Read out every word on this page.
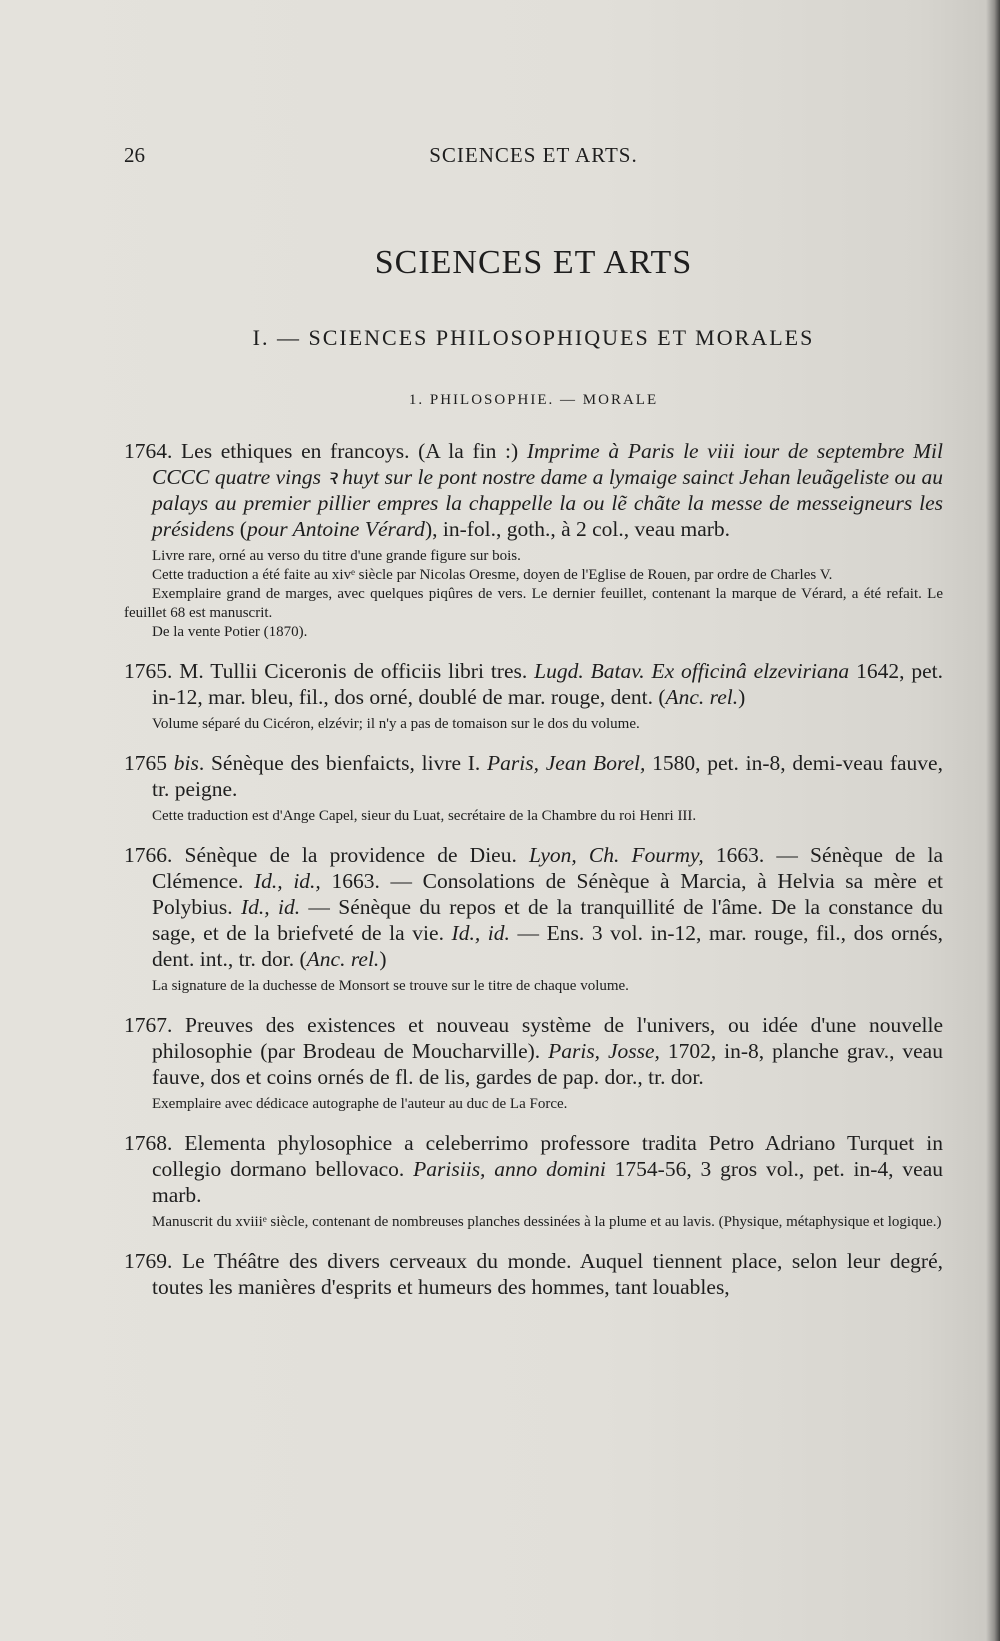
26	SCIENCES ET ARTS.
SCIENCES ET ARTS
I. — SCIENCES PHILOSOPHIQUES ET MORALES
1. PHILOSOPHIE. — MORALE
1764. Les ethiques en francoys. (A la fin :) Imprime à Paris le viii iour de septembre Mil CCCC quatre vings ꝛ huyt sur le pont nostre dame a lymaige sainct Jehan leuãgeliste ou au palays au premier pillier empres la chappelle la ou lẽ chãte la messe de messeigneurs les présidens (pour Antoine Vérard), in-fol., goth., à 2 col., veau marb.
Livre rare, orné au verso du titre d'une grande figure sur bois.
Cette traduction a été faite au xivᵉ siècle par Nicolas Oresme, doyen de l'Eglise de Rouen, par ordre de Charles V.
Exemplaire grand de marges, avec quelques piqûres de vers. Le dernier feuillet, contenant la marque de Vérard, a été refait. Le feuillet 68 est manuscrit.
De la vente Potier (1870).
1765. M. Tullii Ciceronis de officiis libri tres. Lugd. Batav. Ex officinâ elzeviriana 1642, pet. in-12, mar. bleu, fil., dos orné, doublé de mar. rouge, dent. (Anc. rel.)
Volume séparé du Cicéron, elzévir; il n'y a pas de tomaison sur le dos du volume.
1765 bis. Sénèque des bienfaicts, livre I. Paris, Jean Borel, 1580, pet. in-8, demi-veau fauve, tr. peigne.
Cette traduction est d'Ange Capel, sieur du Luat, secrétaire de la Chambre du roi Henri III.
1766. Sénèque de la providence de Dieu. Lyon, Ch. Fourmy, 1663. — Sénèque de la Clémence. Id., id., 1663. — Consolations de Sénèque à Marcia, à Helvia sa mère et Polybius. Id., id. — Sénèque du repos et de la tranquillité de l'âme. De la constance du sage, et de la briefveté de la vie. Id., id. — Ens. 3 vol. in-12, mar. rouge, fil., dos ornés, dent. int., tr. dor. (Anc. rel.)
La signature de la duchesse de Monsort se trouve sur le titre de chaque volume.
1767. Preuves des existences et nouveau système de l'univers, ou idée d'une nouvelle philosophie (par Brodeau de Moucharville). Paris, Josse, 1702, in-8, planche grav., veau fauve, dos et coins ornés de fl. de lis, gardes de pap. dor., tr. dor.
Exemplaire avec dédicace autographe de l'auteur au duc de La Force.
1768. Elementa phylosophice a celeberrimo professore tradita Petro Adriano Turquet in collegio dormano bellovaco. Parisiis, anno domini 1754-56, 3 gros vol., pet. in-4, veau marb.
Manuscrit du xviiiᵉ siècle, contenant de nombreuses planches dessinées à la plume et au lavis. (Physique, métaphysique et logique.)
1769. Le Théâtre des divers cerveaux du monde. Auquel tiennent place, selon leur degré, toutes les manières d'esprits et humeurs des hommes, tant louables,
